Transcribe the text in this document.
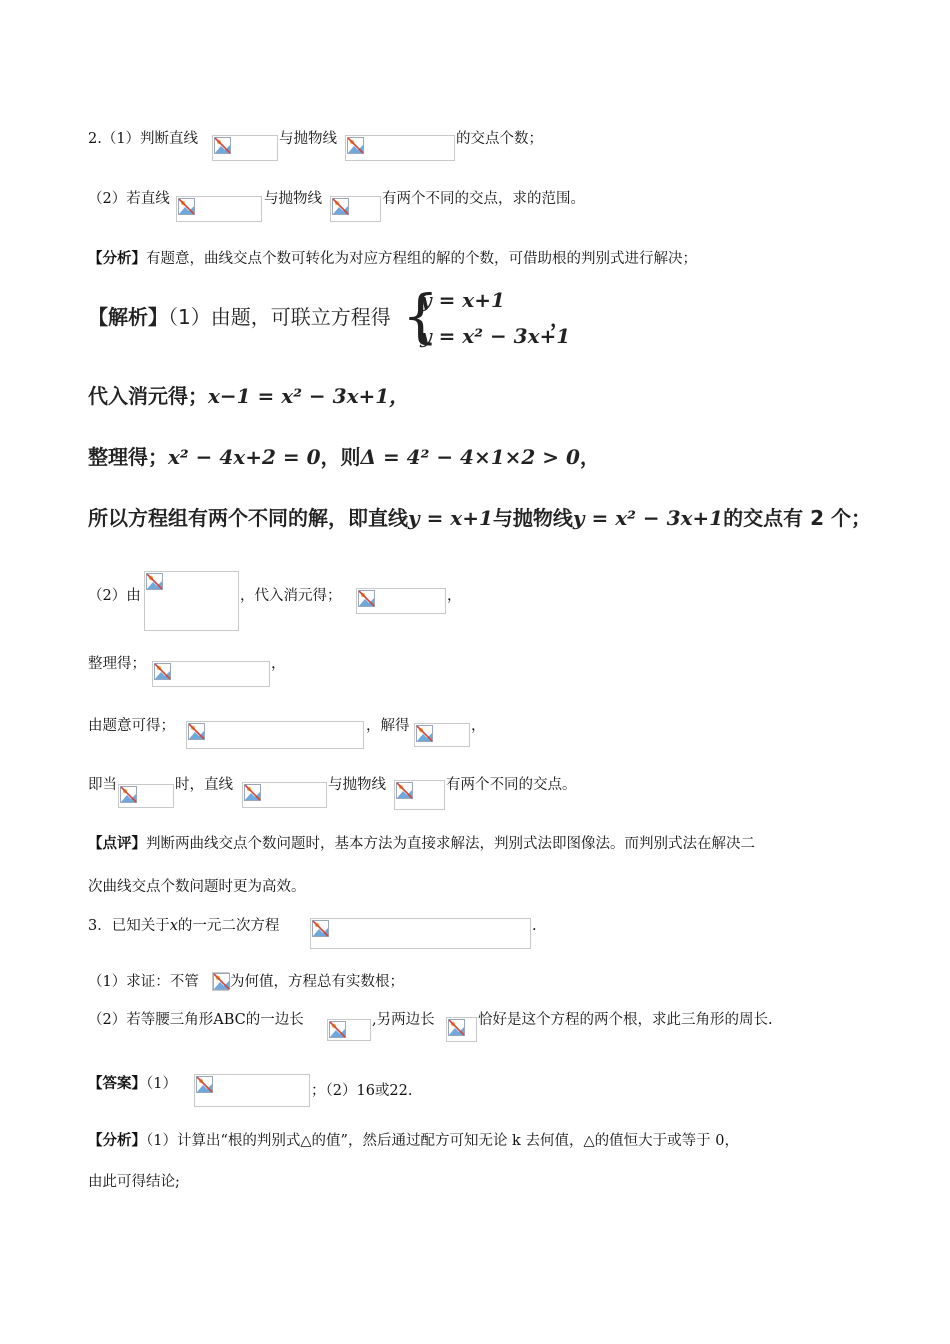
2.（1）判断直线	与抛物线	的交点个数；
（2）若直线	与抛物线	有两个不同的交点，求的范围。
【分析】有题意，曲线交点个数可转化为对应方程组的解的个数，可借助根的判别式进行解决；
【解析】（1）由题，可联立方程得 {
y = x+1
y = x² − 3x+1
，
代入消元得；x−1 = x² − 3x+1，
整理得；x² − 4x+2 = 0，则Δ = 4² − 4×1×2 > 0，
所以方程组有两个不同的解，即直线y = x+1与抛物线y = x² − 3x+1的交点有 2 个；
（2）由	，代入消元得；	，
整理得；	，
由题意可得；	，解得	，
即当	时，直线	与抛物线	有两个不同的交点。
【点评】判断两曲线交点个数问题时，基本方法为直接求解法，判别式法即图像法。而判别式法在解决二
次曲线交点个数问题时更为高效。
3．已知关于x的一元二次方程	.
（1）求证：不管 为何值，方程总有实数根；
（2）若等腰三角形ABC的一边长	,另两边长	恰好是这个方程的两个根，求此三角形的周长.
【答案】（1）	；（2）16或22.
【分析】（1）计算出“根的判别式△的值”，然后通过配方可知无论 k 去何值，△的值恒大于或等于 0，
由此可得结论;
